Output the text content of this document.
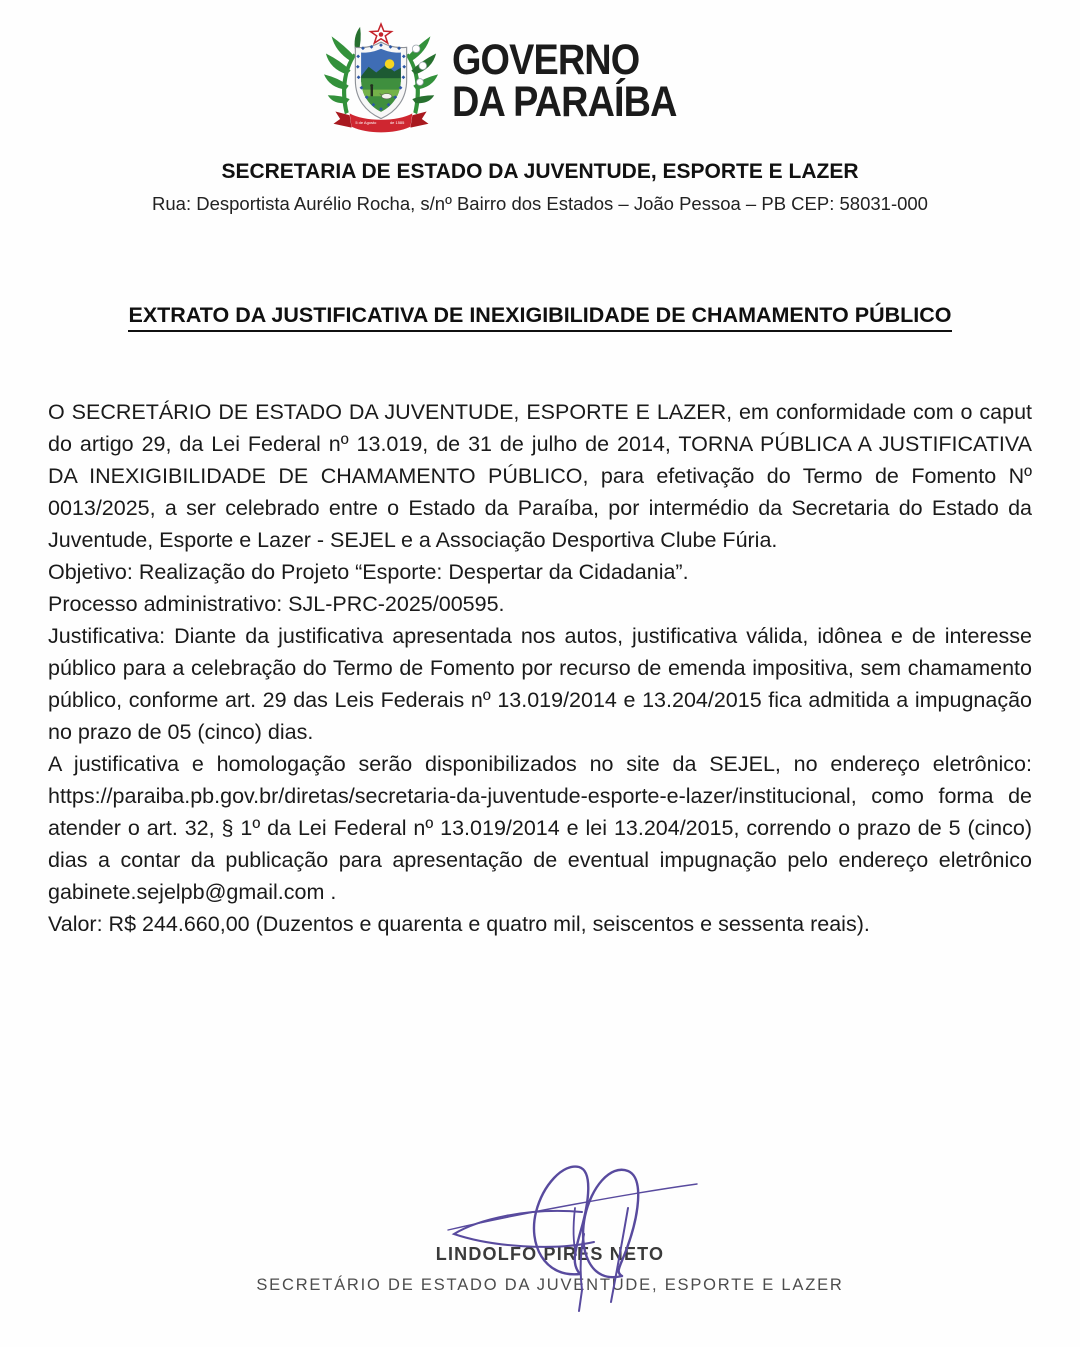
5 de Agosto	de 1585
GOVERNO
DA PARAÍBA
SECRETARIA DE ESTADO DA JUVENTUDE, ESPORTE E LAZER
Rua: Desportista Aurélio Rocha, s/nº Bairro dos Estados – João Pessoa – PB CEP: 58031-000
EXTRATO DA JUSTIFICATIVA DE INEXIGIBILIDADE DE CHAMAMENTO PÚBLICO

O SECRETÁRIO DE ESTADO DA JUVENTUDE, ESPORTE E LAZER, em conformidade com o caput do artigo 29, da Lei Federal nº 13.019, de 31 de julho de 2014, TORNA PÚBLICA A JUSTIFICATIVA DA INEXIGIBILIDADE DE CHAMAMENTO PÚBLICO, para efetivação do Termo de Fomento Nº 0013/2025, a ser celebrado entre o Estado da Paraíba, por intermédio da Secretaria do Estado da Juventude, Esporte e Lazer - SEJEL e a Associação Desportiva Clube Fúria.

Objetivo: Realização do Projeto “Esporte: Despertar da Cidadania”.

Processo administrativo: SJL-PRC-2025/00595.

Justificativa: Diante da justificativa apresentada nos autos, justificativa válida, idônea e de interesse público para a celebração do Termo de Fomento por recurso de emenda impositiva, sem chamamento público, conforme art. 29 das Leis Federais nº 13.019/2014 e 13.204/2015 fica admitida a impugnação no prazo de 05 (cinco) dias.

A justificativa e homologação serão disponibilizados no site da SEJEL, no endereço eletrônico: https://paraiba.pb.gov.br/diretas/secretaria-da-juventude-esporte-e-lazer/institucional, como forma de atender o art. 32, § 1º da Lei Federal nº 13.019/2014 e lei 13.204/2015, correndo o prazo de 5 (cinco) dias a contar da publicação para apresentação de eventual impugnação pelo endereço eletrônico gabinete.sejelpb@gmail.com .

Valor: R$ 244.660,00 (Duzentos e quarenta e quatro mil, seiscentos e sessenta reais).

LINDOLFO PIRES NETO
SECRETÁRIO DE ESTADO DA JUVENTUDE, ESPORTE E LAZER
